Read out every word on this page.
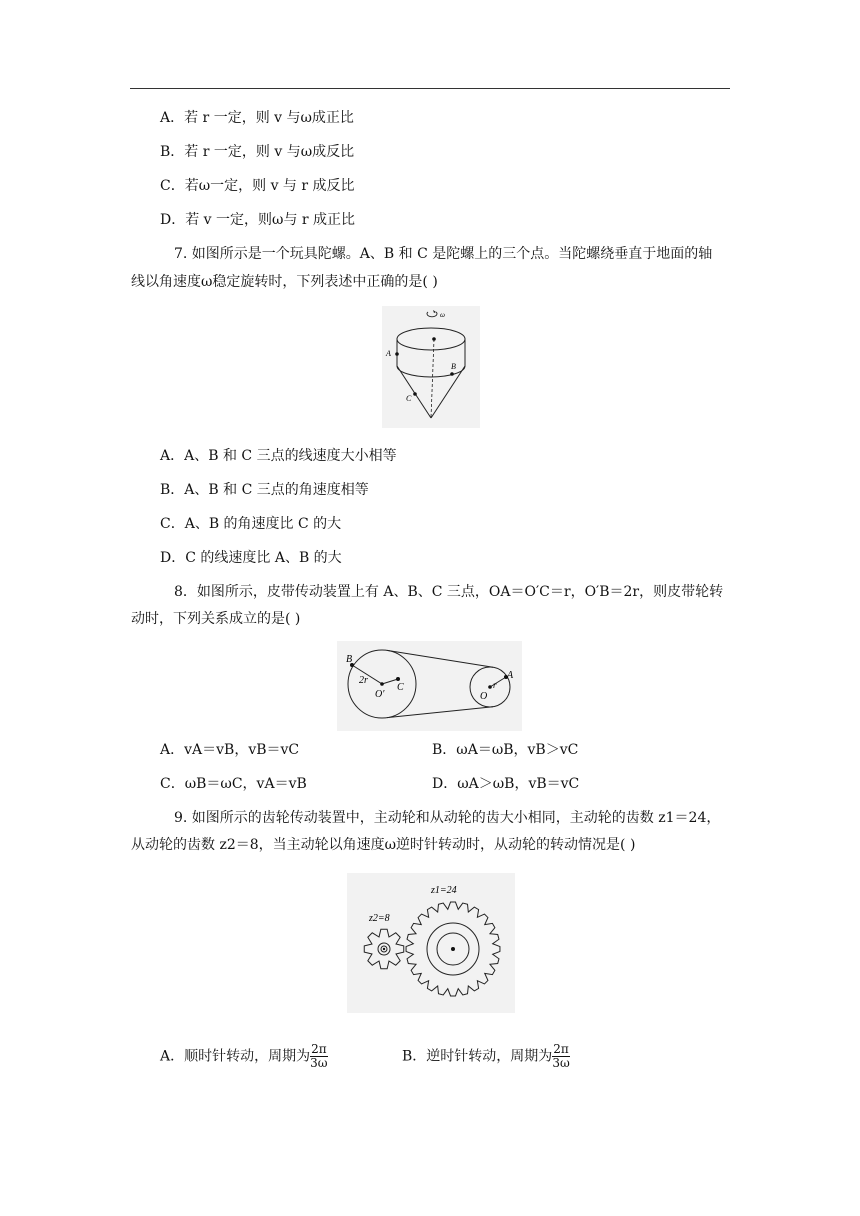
A．若 r 一定，则 v 与ω成正比
B．若 r 一定，则 v 与ω成反比
C．若ω一定，则 v 与 r 成反比
D．若 v 一定，则ω与 r 成正比
7. 如图所示是一个玩具陀螺。A、B 和 C 是陀螺上的三个点。当陀螺绕垂直于地面的轴
线以角速度ω稳定旋转时，下列表述中正确的是( )
ω
A
B
C
A．A、B 和 C 三点的线速度大小相等
B．A、B 和 C 三点的角速度相等
C．A、B 的角速度比 C 的大
D．C 的线速度比 A、B 的大
8．如图所示，皮带传动装置上有 A、B、C 三点，OA＝O′C＝r，O′B＝2r，则皮带轮转
动时，下列关系成立的是( )
B
2r
O′
C
O
r
A
A．vA＝vB，vB＝vC	B．ωA＝ωB，vB＞vC
C．ωB＝ωC，vA＝vB	D．ωA＞ωB，vB＝vC
9. 如图所示的齿轮传动装置中，主动轮和从动轮的齿大小相同，主动轮的齿数 z1＝24，
从动轮的齿数 z2＝8，当主动轮以角速度ω逆时针转动时，从动轮的转动情况是( )
z1=24
z2=8
A．顺时针转动，周期为 $\frac{2\pi}{3\omega}$	B．逆时针转动，周期为 $\frac{2\pi}{3\omega}$
